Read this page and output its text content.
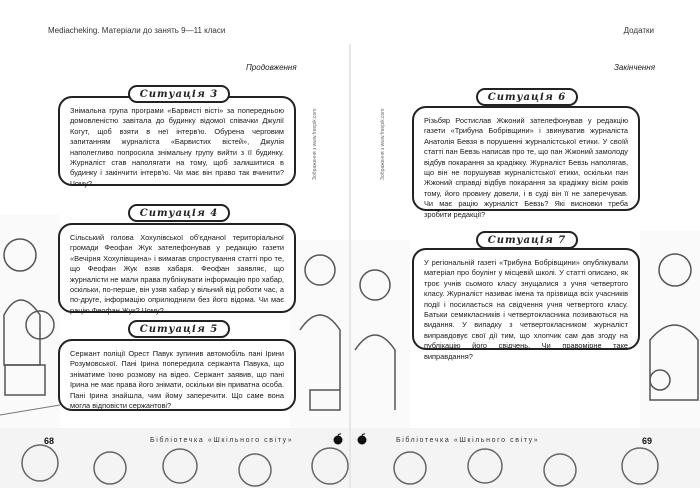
Mediacheking. Матеріали до занять 9—11 класи	Додатки
Продовження	Закінчення
Зображення з www.freepik.com	Зображення з www.freepik.com

Знімальна група програми «Барвисті вісті» за попередньою домовленістю завітала до будинку відомої співачки Джулії Когут, щоб взяти в неї інтерв'ю. Обурена черговим запитанням журналіста «Барвистих вістей», Джулія наполегливо попросила знімальну групу вийти з її будинку. Журналіст став наполягати на тому, щоб залишитися в будинку і закінчити інтерв'ю. Чи має він право так вчинити? Чому?

Ситуація 3

Сільський голова Хохулівської об'єднаної територіальної громади Феофан Жук зателефонував у редакцію газети «Вечірня Хохулівщина» і вимагав спростування статті про те, що Феофан Жук взяв хабаря. Феофан заявляє, що журналісти не мали права публікувати інформацію про хабар, оскільки, по-перше, він узяв хабар у вільний від роботи час, а по-друге, інформацію оприлюднили без його відома. Чи має рацію Феофан Жук? Чому?

Ситуація 4

Сержант поліції Орест Павук зупинив автомобіль пані Ірини Розумовської. Пані Ірина попередила сержанта Павука, що зніматиме їхню розмову на відео. Сержант заявив, що пані Ірина не має права його знімати, оскільки він приватна особа. Пані Ірина знайшла, чим йому заперечити. Що саме вона могла відповісти сержантові?

Ситуація 5

Різьбяр Ростислав Жжоний зателефонував у редакцію газети «Трибуна Бобрівщини» і звинуватив журналіста Анатолія Бевзя в порушенні журналістської етики. У своїй статті пан Бевзь написав про те, що пан Жжоний замолоду відбув покарання за крадіжку. Журналіст Бевзь наполягав, що він не порушував журналістської етики, оскільки пан Жжоний справді відбув покарання за крадіжку вісім років тому, його провину довели, і в суді він її не заперечував. Чи має рацію журналіст Бевзь? Які висновки треба зробити редакції?

Ситуація 6

У регіональній газеті «Трибуна Бобрівщини» опублікували матеріал про боулінг у місцевій школі. У статті описано, як троє учнів сьомого класу знущалися з учня четвертого класу. Журналіст називає імена та прізвища всіх учасників події і посилається на свідчення учня четвертого класу. Батьки семикласників і четвертокласника позиваються на видання. У випадку з четвертокласником журналіст виправдовує свої дії тим, що хлопчик сам дав згоду на публікацію його свідчень. Чи правомірне таке виправдання?

Ситуація 7
68	Бібліотечка «Шкільного світу»	Бібліотечка «Шкільного світу»	69
